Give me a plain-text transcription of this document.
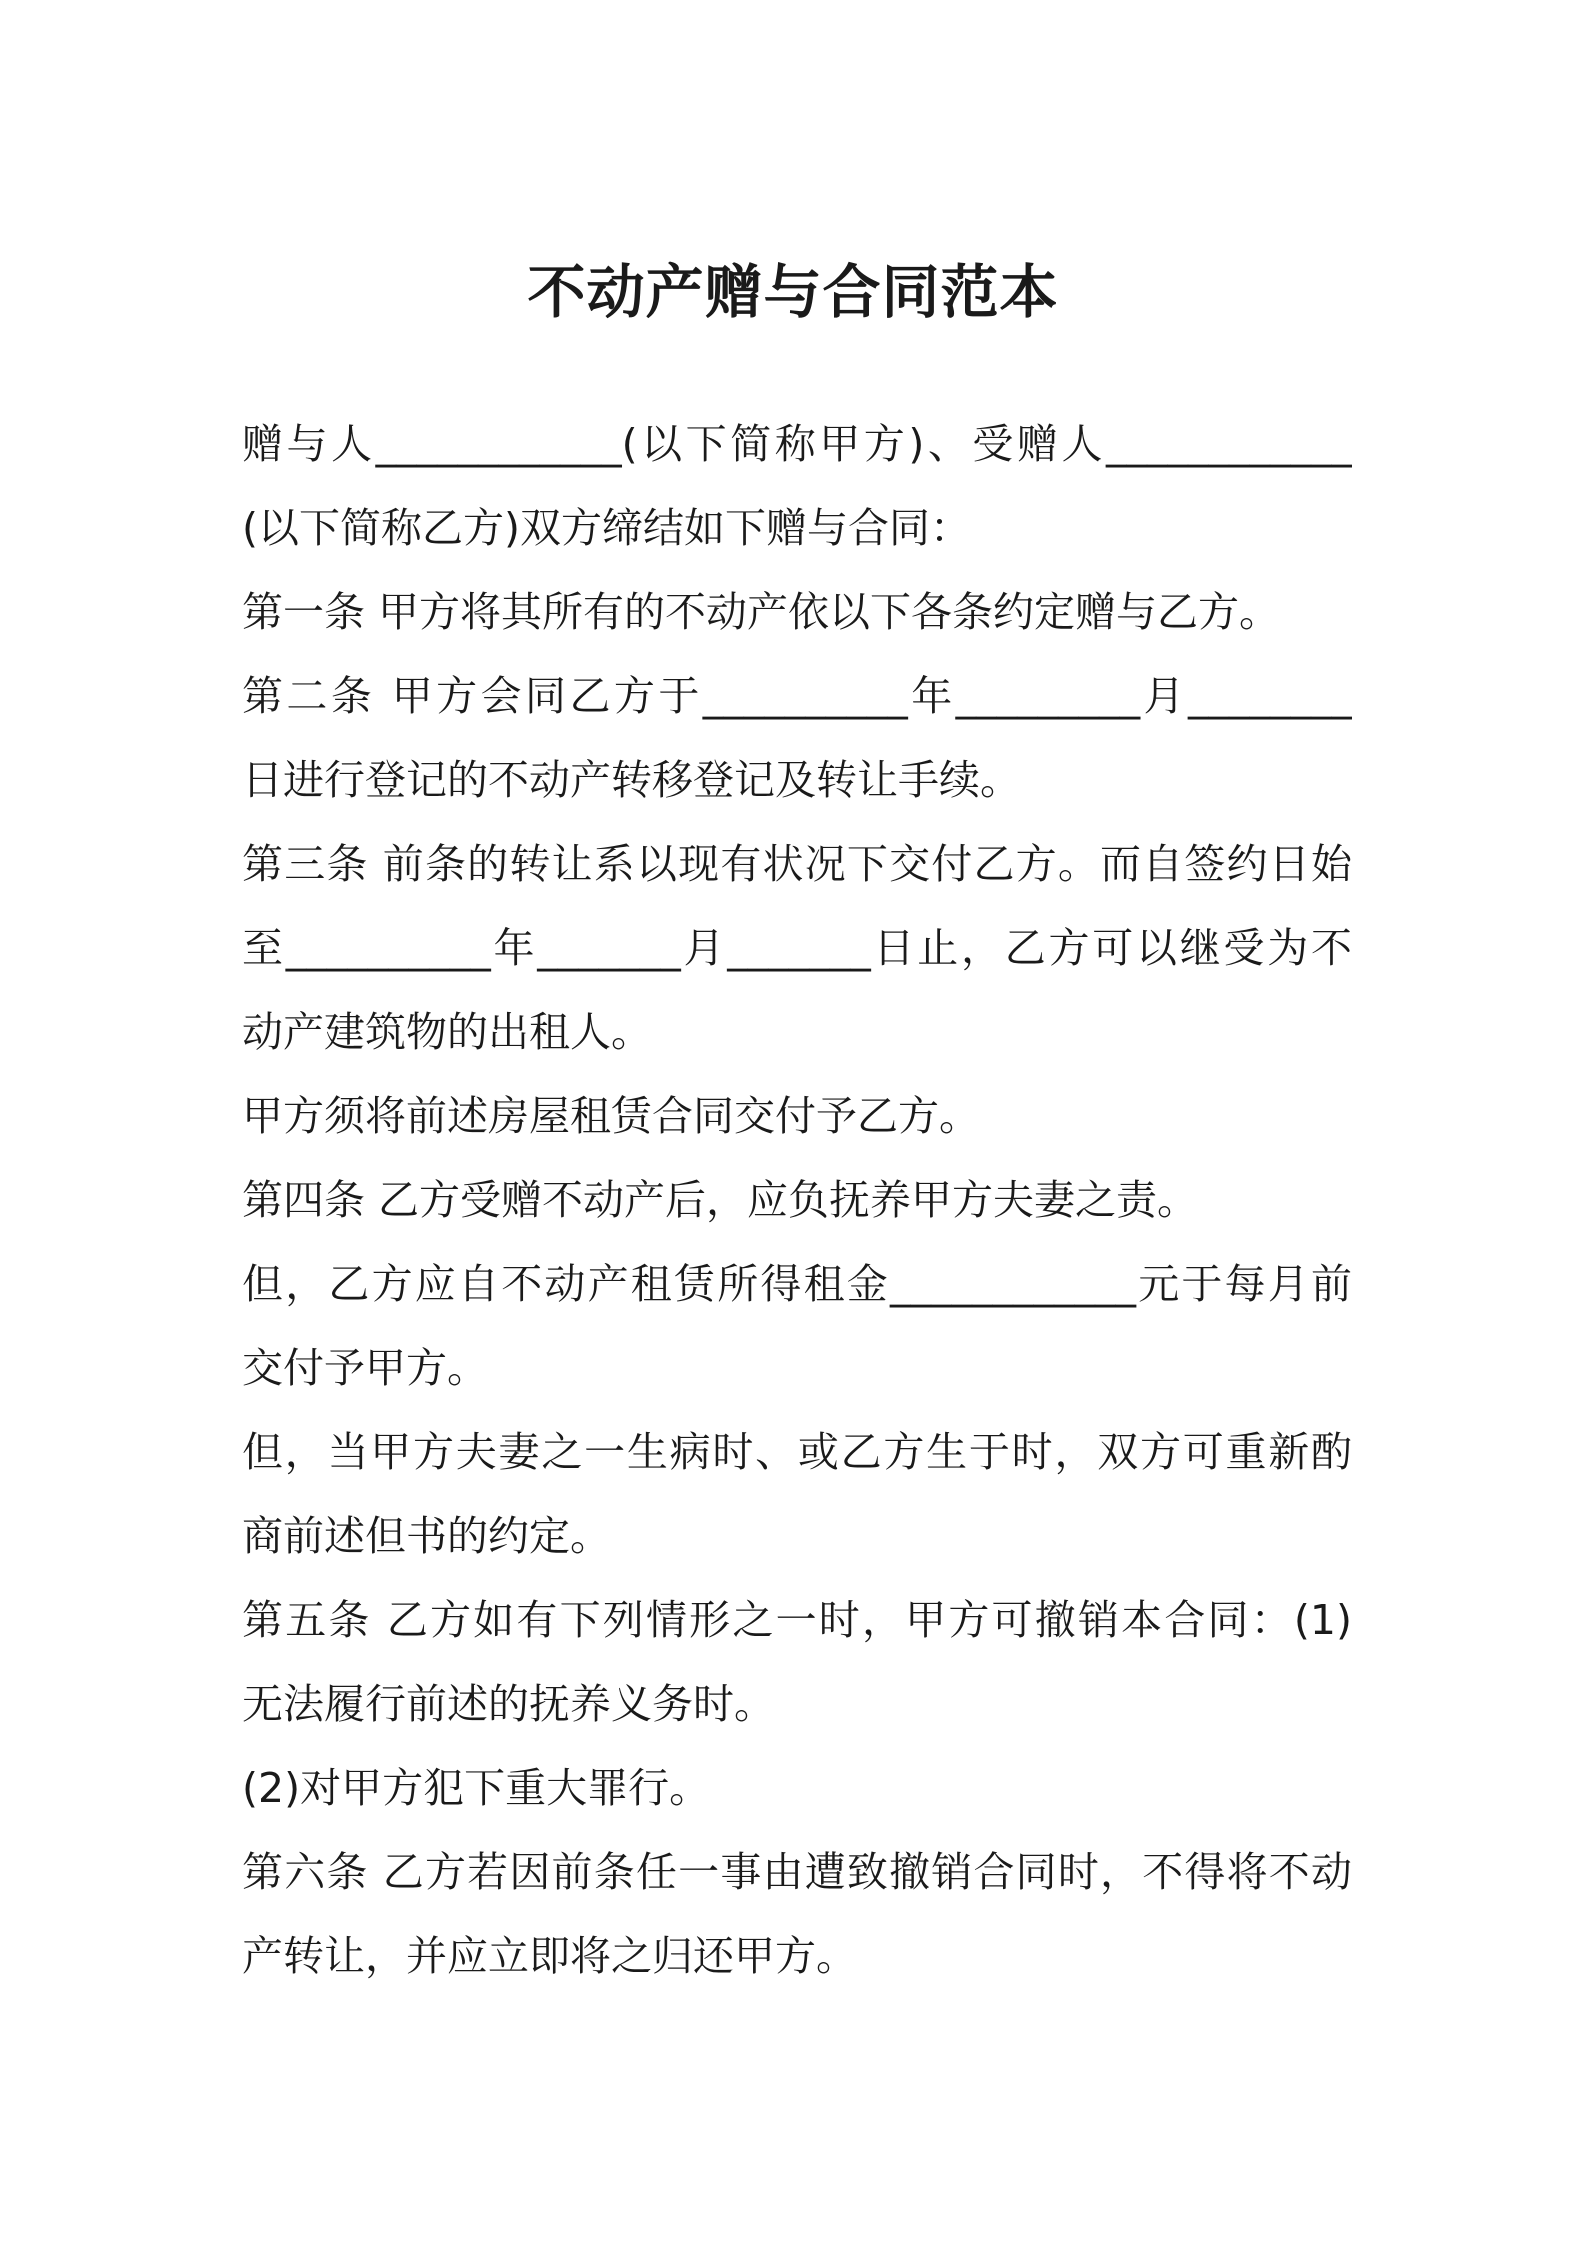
不动产赠与合同范本
赠与人____________(以下简称甲方)、受赠人____________
(以下简称乙方)双方缔结如下赠与合同：
第一条 甲方将其所有的不动产依以下各条约定赠与乙方。
第二条 甲方会同乙方于__________年_________月________
日进行登记的不动产转移登记及转让手续。
第三条 前条的转让系以现有状况下交付乙方。而自签约日始
至__________年_______月_______日止，乙方可以继受为不
动产建筑物的出租人。
甲方须将前述房屋租赁合同交付予乙方。
第四条 乙方受赠不动产后，应负抚养甲方夫妻之责。
但，乙方应自不动产租赁所得租金____________元于每月前
交付予甲方。
但，当甲方夫妻之一生病时、或乙方生于时，双方可重新酌
商前述但书的约定。
第五条 乙方如有下列情形之一时，甲方可撤销本合同：(1)
无法履行前述的抚养义务时。
(2)对甲方犯下重大罪行。
第六条 乙方若因前条任一事由遭致撤销合同时，不得将不动
产转让，并应立即将之归还甲方。
